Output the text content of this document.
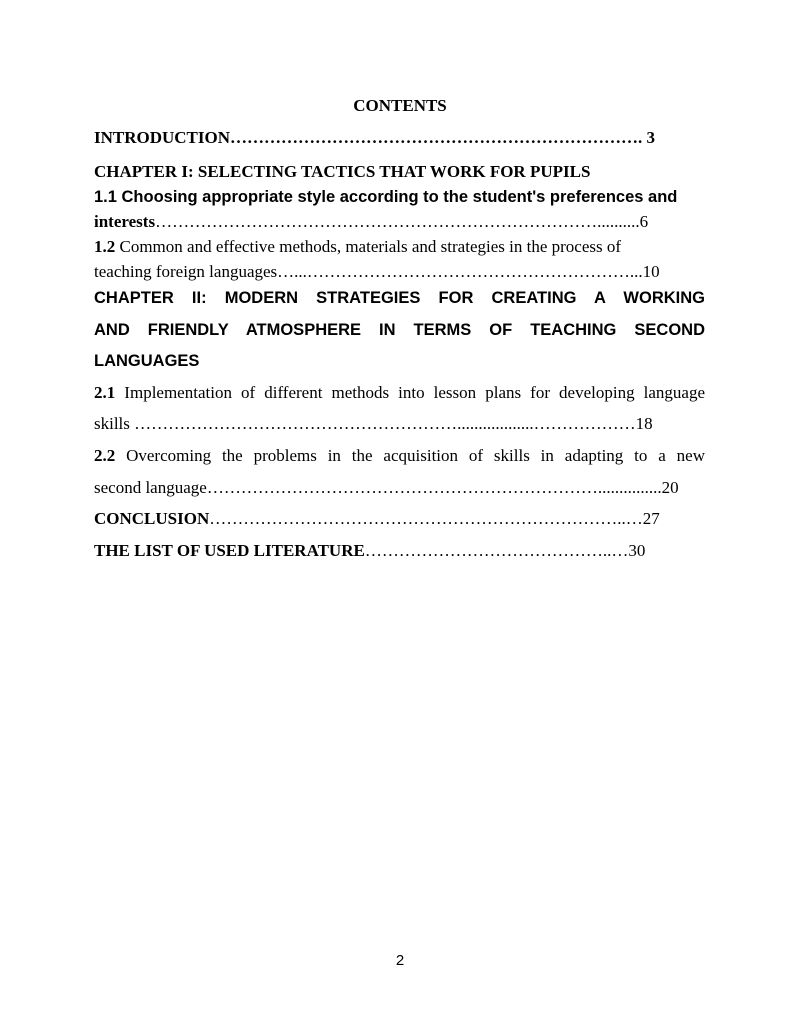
CONTENTS
INTRODUCTION………………………………………………………………. 3
CHAPTER I: SELECTING TACTICS THAT WORK FOR PUPILS
1.1 Choosing appropriate style according to the student's preferences and
interests……………………………………………………………………..........6
1.2 Common and effective methods, materials and strategies in the process of
teaching foreign languages…...…………………………………………………...10
CHAPTER II: MODERN STRATEGIES FOR CREATING A WORKING
AND FRIENDLY ATMOSPHERE IN TERMS OF TEACHING SECOND
LANGUAGES
2.1 Implementation of different methods into lesson plans for developing language
skills …………………………………………………..................………………18
2.2 Overcoming the problems in the acquisition of skills in adapting to a new
second language……………………………………………………………...............20
CONCLUSION………………………………………………………………..…27
THE LIST OF USED LITERATURE……………………………………..…30
2
